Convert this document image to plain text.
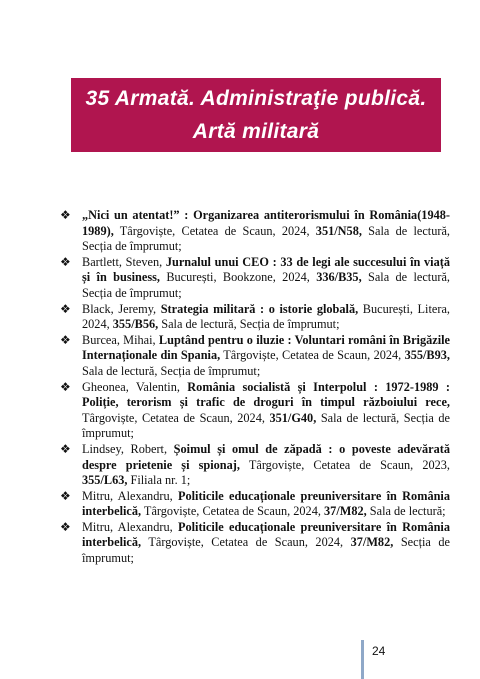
35 Armată. Administraţie publică.
Artă militară
❖ „Nici un atentat!” : Organizarea antiterorismului în România(1948-1989), Târgoviște, Cetatea de Scaun, 2024, 351/N58, Sala de lectură, Secția de împrumut;
❖ Bartlett, Steven, Jurnalul unui CEO : 33 de legi ale succesului în viață și în business, București, Bookzone, 2024, 336/B35, Sala de lectură, Secția de împrumut;
❖ Black, Jeremy, Strategia militară : o istorie globală, București, Litera, 2024, 355/B56, Sala de lectură, Secția de împrumut;
❖ Burcea, Mihai, Luptând pentru o iluzie : Voluntari români în Brigăzile Internaționale din Spania, Târgoviște, Cetatea de Scaun, 2024, 355/B93, Sala de lectură, Secția de împrumut;
❖ Gheonea, Valentin, România socialistă și Interpolul : 1972-1989 : Poliție, terorism și trafic de droguri în timpul războiului rece, Târgoviște, Cetatea de Scaun, 2024, 351/G40, Sala de lectură, Secția de împrumut;
❖ Lindsey, Robert, Șoimul și omul de zăpadă : o poveste adevărată despre prietenie și spionaj, Târgoviște, Cetatea de Scaun, 2023, 355/L63, Filiala nr. 1;
❖ Mitru, Alexandru, Politicile educaționale preuniversitare în România interbelică, Târgoviște, Cetatea de Scaun, 2024, 37/M82, Sala de lectură;
❖ Mitru, Alexandru, Politicile educaționale preuniversitare în România interbelică, Târgoviște, Cetatea de Scaun, 2024, 37/M82, Secția de împrumut;
24
